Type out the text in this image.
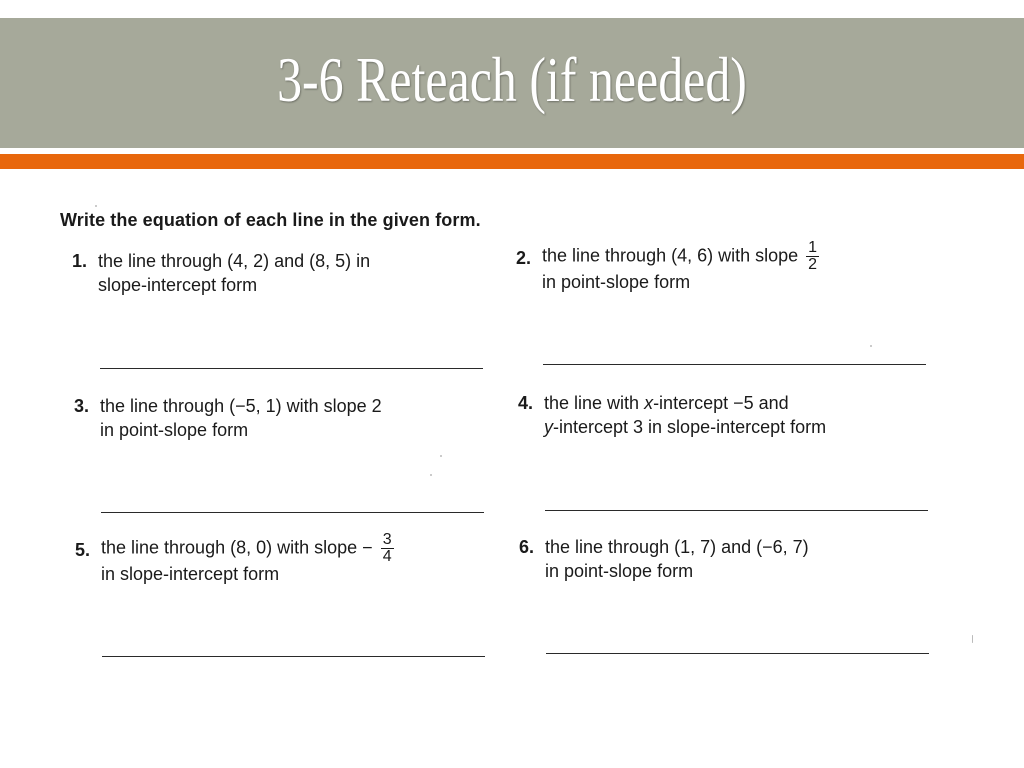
3-6 Reteach (if needed)
Write the equation of each line in the given form.
1. the line through (4, 2) and (8, 5) in
slope-intercept form
2. the line through (4, 6) with slope $\frac{1}{2}$
in point-slope form
3. the line through (−5, 1) with slope 2
in point-slope form
4. the line with x-intercept −5 and
y-intercept 3 in slope-intercept form
5. the line through (8, 0) with slope − $\frac{3}{4}$
in slope-intercept form
6. the line through (1, 7) and (−6, 7)
in point-slope form
